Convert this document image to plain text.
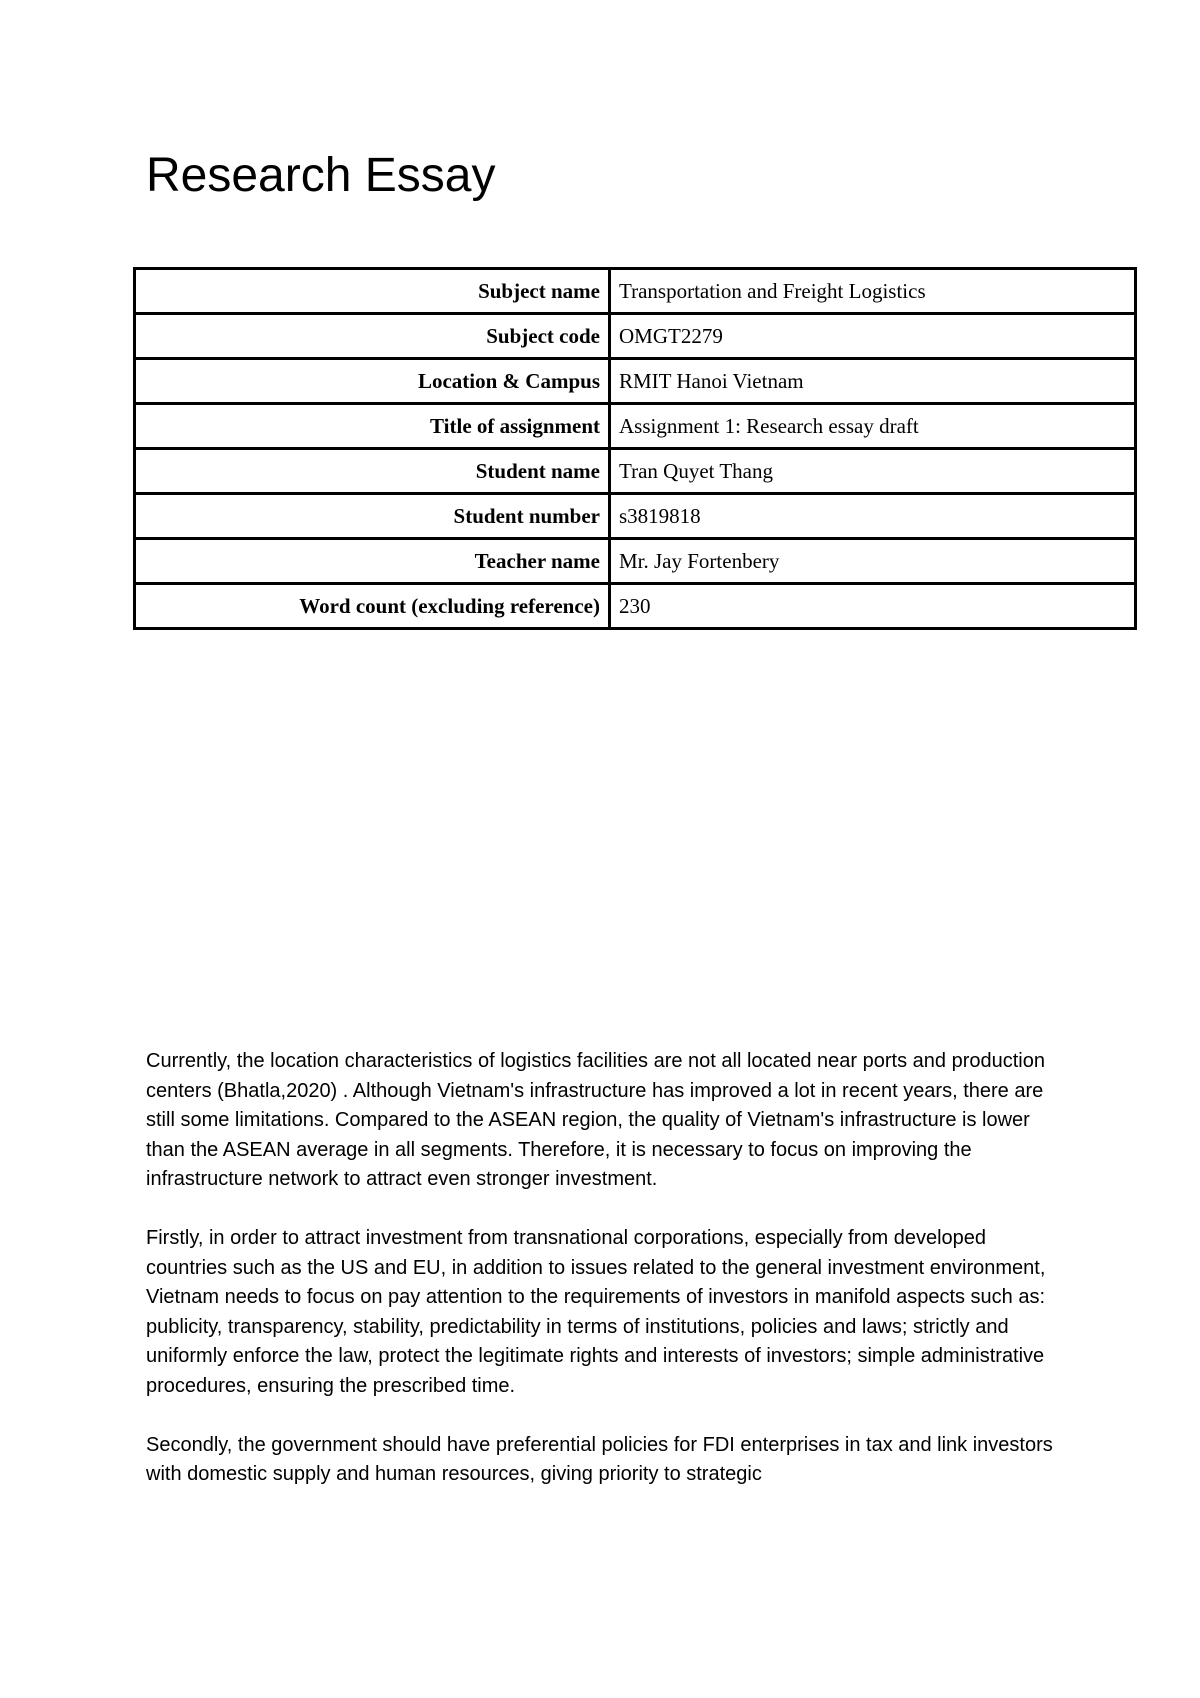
Research Essay
Subject name	Transportation and Freight Logistics
Subject code	OMGT2279
Location & Campus	RMIT Hanoi Vietnam
Title of assignment	Assignment 1: Research essay draft
Student name	Tran Quyet Thang
Student number	s3819818
Teacher name	Mr. Jay Fortenbery
Word count (excluding reference)	230

Currently, the location characteristics of logistics facilities are not all located near ports and production centers (Bhatla,2020) . Although Vietnam's infrastructure has improved a lot in recent years, there are still some limitations. Compared to the ASEAN region, the quality of Vietnam's infrastructure is lower than the ASEAN average in all segments. Therefore, it is necessary to focus on improving the infrastructure network to attract even stronger investment.

Firstly, in order to attract investment from transnational corporations, especially from developed countries such as the US and EU, in addition to issues related to the general investment environment, Vietnam needs to focus on pay attention to the requirements of investors in manifold aspects such as: publicity, transparency, stability, predictability in terms of institutions, policies and laws; strictly and uniformly enforce the law, protect the legitimate rights and interests of investors; simple administrative procedures, ensuring the prescribed time.

Secondly, the government should have preferential policies for FDI enterprises in tax and link investors with domestic supply and human resources, giving priority to strategic
